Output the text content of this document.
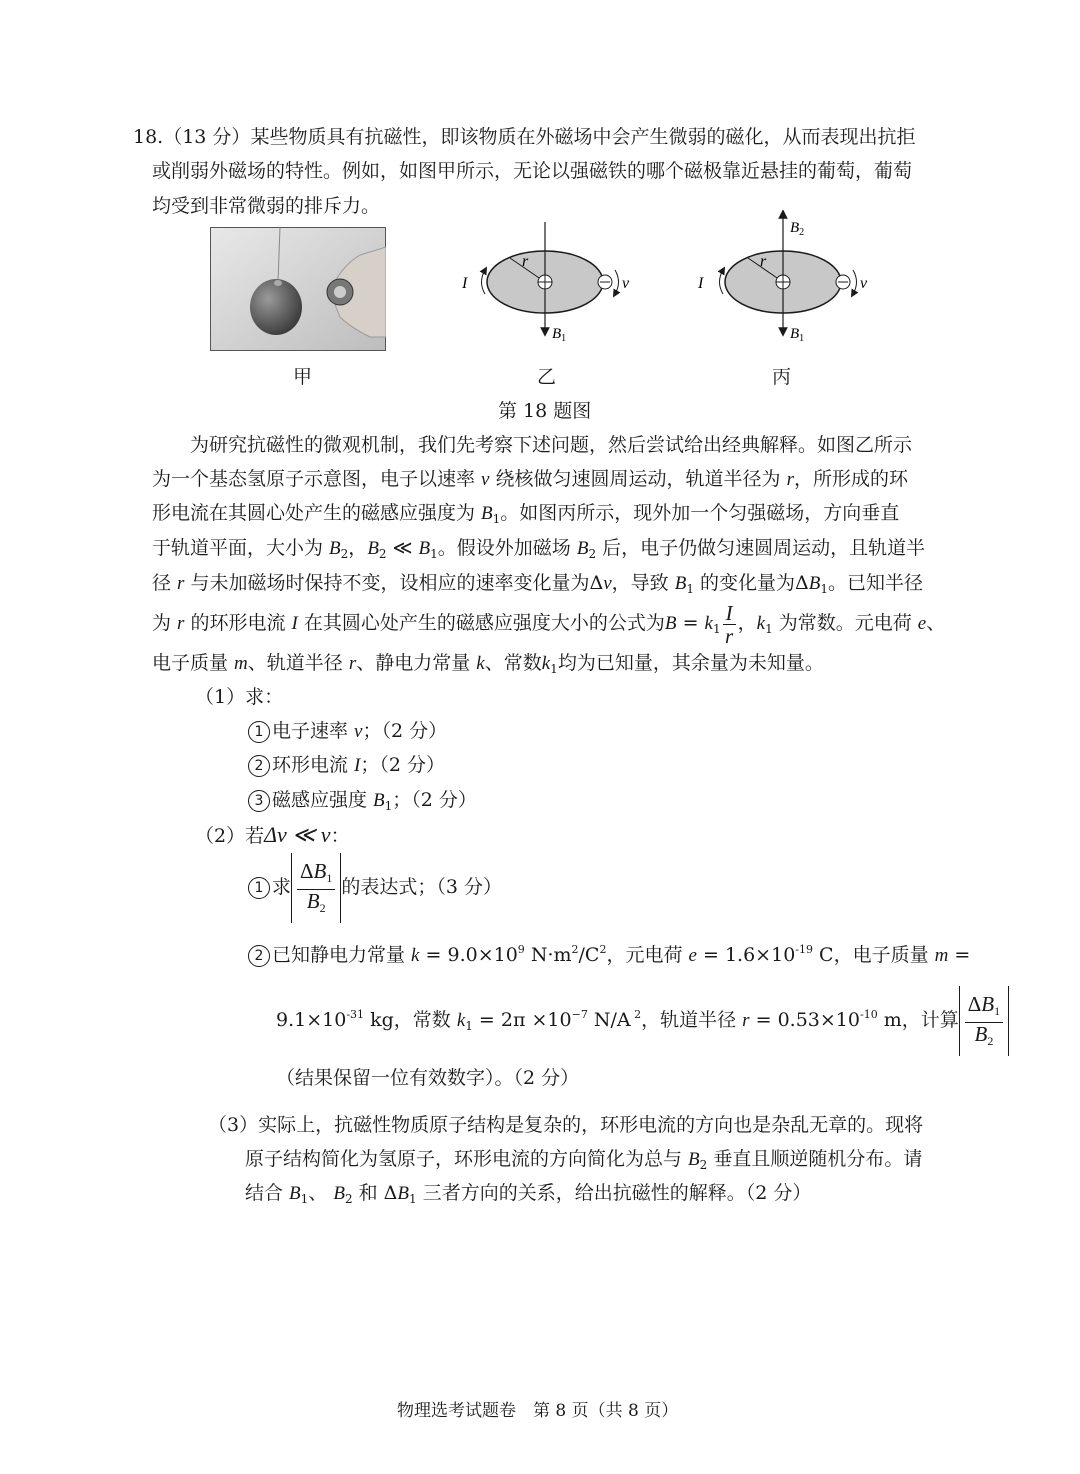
18.（13 分）某些物质具有抗磁性，即该物质在外磁场中会产生微弱的磁化，从而表现出抗拒
或削弱外磁场的特性。例如，如图甲所示，无论以强磁铁的哪个磁极靠近悬挂的葡萄，葡萄
均受到非常微弱的排斥力。
甲
r
v
I
$B_1$
乙
$B_2$
r
v
I
$B_1$
丙
第 18 题图
为研究抗磁性的微观机制，我们先考察下述问题，然后尝试给出经典解释。如图乙所示
为一个基态氢原子示意图，电子以速率 v 绕核做匀速圆周运动，轨道半径为 r，所形成的环
形电流在其圆心处产生的磁感应强度为 $B_1$。如图丙所示，现外加一个匀强磁场，方向垂直
于轨道平面，大小为 $B_2$，$B_2$ ≪ $B_1$。假设外加磁场 $B_2$ 后，电子仍做匀速圆周运动，且轨道半
径 r 与未加磁场时保持不变，设相应的速率变化量为Δv，导致 $B_1$ 的变化量为$\Delta B_1$。已知半径
为 r 的环形电流 I 在其圆心处产生的磁感应强度大小的公式为$B = k_1 \frac{I}{r}$ ，$k_1$ 为常数。元电荷 e、
电子质量 m、轨道半径 r、静电力常量 k、常数$k_1$均为已知量，其余量为未知量。
（1）求：
1 电子速率 v；（2 分）
2 环形电流 I；（2 分）
3 磁感应强度 $B_1$；（2 分）
（2）若Δv ≪ v：
1 求 $\frac{\Delta B_1}{B_2}$ 的表达式；（3 分）
2 已知静电力常量 $k = 9.0\times 10^9$ $N\cdot m^2/C^2$，元电荷 $e = 1.6\times 10^{-19}$ C，电子质量 m =
$9.1\times 10^{-31}$ kg，常数 $k_1 = 2\pi \times 10^{-7}$ N/A $^2$，轨道半径 $r = 0.53\times 10^{-10}$ m，计算 $\frac{\Delta B_1}{B_2}$
（结果保留一位有效数字）。（2 分）
（3）实际上，抗磁性物质原子结构是复杂的，环形电流的方向也是杂乱无章的。现将
原子结构简化为氢原子，环形电流的方向简化为总与 $B_2$ 垂直且顺逆随机分布。请
结合 $B_1$、 $B_2$ 和 $\Delta B_1$ 三者方向的关系，给出抗磁性的解释。（2 分）
物理选考试题卷　第 8 页（共 8 页）
